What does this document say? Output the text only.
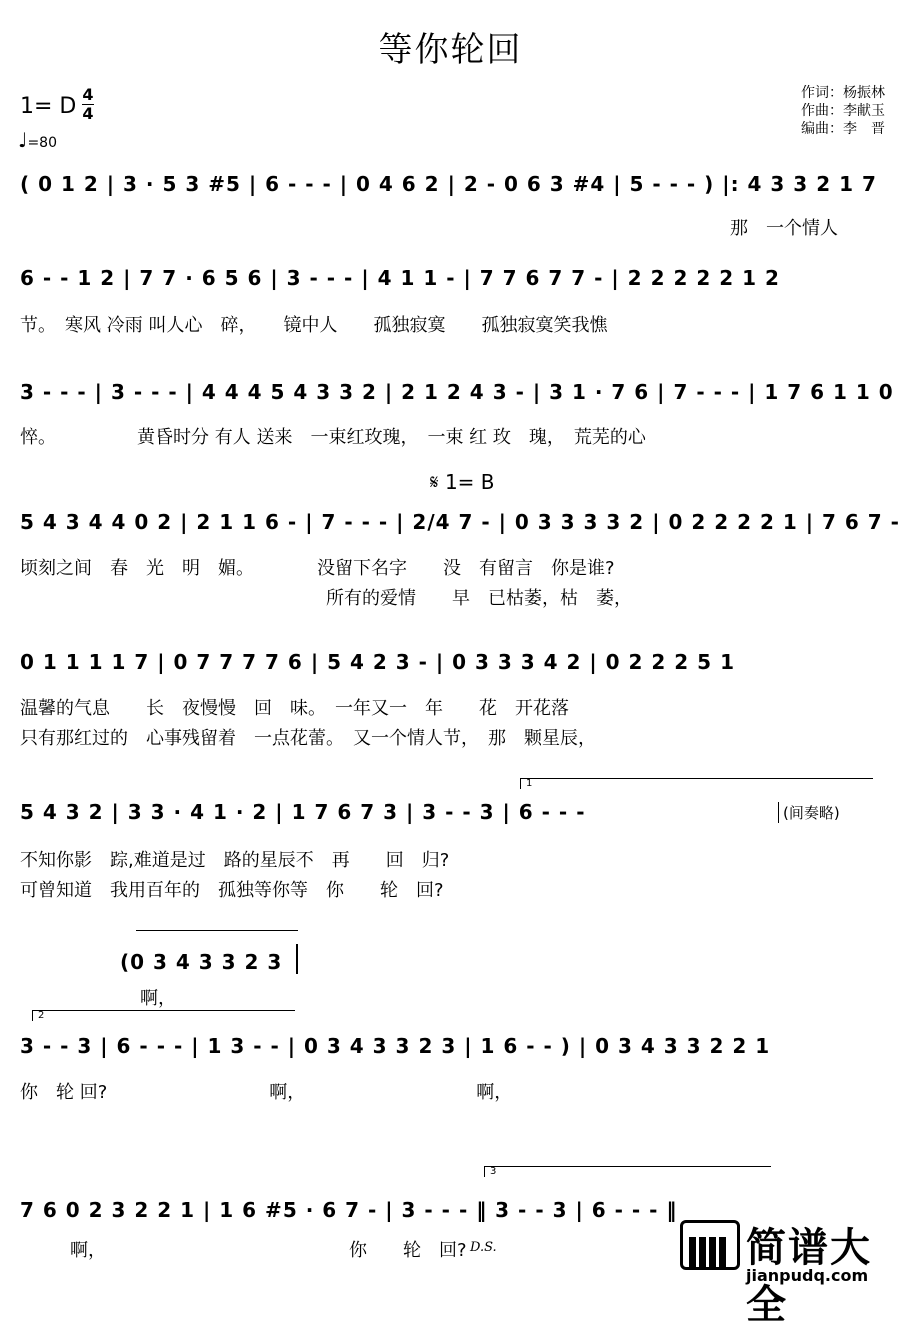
等你轮回
作词：杨振林
作曲：李献玉
编曲：李　晋
1= D 4
4
♩=80
( 0 1 2 | 3 · 5 3 #5 | 6 - - - | 0 4 6 2 | 2 - 0 6 3 #4 | 5 - - - ) |: 4 3 3 2 1 7
那　一个情人
6 - - 1 2 | 7 7 · 6 5 6 | 3 - - - | 4 1 1 - | 7 7 6 7 7 - | 2 2 2 2 2 1 2
节。　寒风 冷雨 叫人心　碎，　　镜中人　　孤独寂寞　　孤独寂寞笑我憔
3 - - - | 3 - - - | 4 4 4 5 4 3 3 2 | 2 1 2 4 3 - | 3 1 · 7 6 | 7 - - - | 1 7 6 1 1 0
悴。　　　　　黄昏时分 有人 送来　一束红玫瑰，　一束 红 玫　瑰，　荒芜的心
𝄋 1= B
5 4 3 4 4 0 2 | 2 1 1 6 - | 7 - - - | 2/4 7 - | 0 3 3 3 3 2 | 0 2 2 2 2 1 | 7 6 7 -
顷刻之间　春　光　明　媚。　　　　没留下名字　　没　有留言　你是谁?
　　　　　　　　　　　　　　　　　所有的爱情　　早　已枯萎，枯　萎，
0 1 1 1 1 7 | 0 7 7 7 7 6 | 5 4 2 3 - | 0 3 3 3 4 2 | 0 2 2 2 5 1
温馨的气息　　长　夜慢慢　回　味。　一年又一　年　　花　开花落
只有那红过的　心事残留着　一点花蕾。　又一个情人节，　那　颗星辰，
1
5 4 3 2 | 3 3 · 4 1 · 2 | 1 7 6 7 3 | 3 - - 3 | 6 - - -	(间奏略)
不知你影　踪,难道是过　路的星辰不　再　　回　归?
可曾知道　我用百年的　孤独等你等　你　　轮　回?
(0 3 4 3 3 2 3
啊，
2
3 - - 3 | 6 - - - | 1 3 - - | 0 3 4 3 3 2 3 | 1 6 - - ) | 0 3 4 3 3 2 2 1
你　轮 回?　　　　　　　　　啊，　　　　　　　　　　啊，
3
7 6 0 2 3 2 2 1 | 1 6 #5 · 6 7 - | 3 - - - ‖ 3 - - 3 | 6 - - - ‖
D.S.
啊，　　　　　　　　　　　　　　你　　轮　回?	简谱大全
jianpudq.com
